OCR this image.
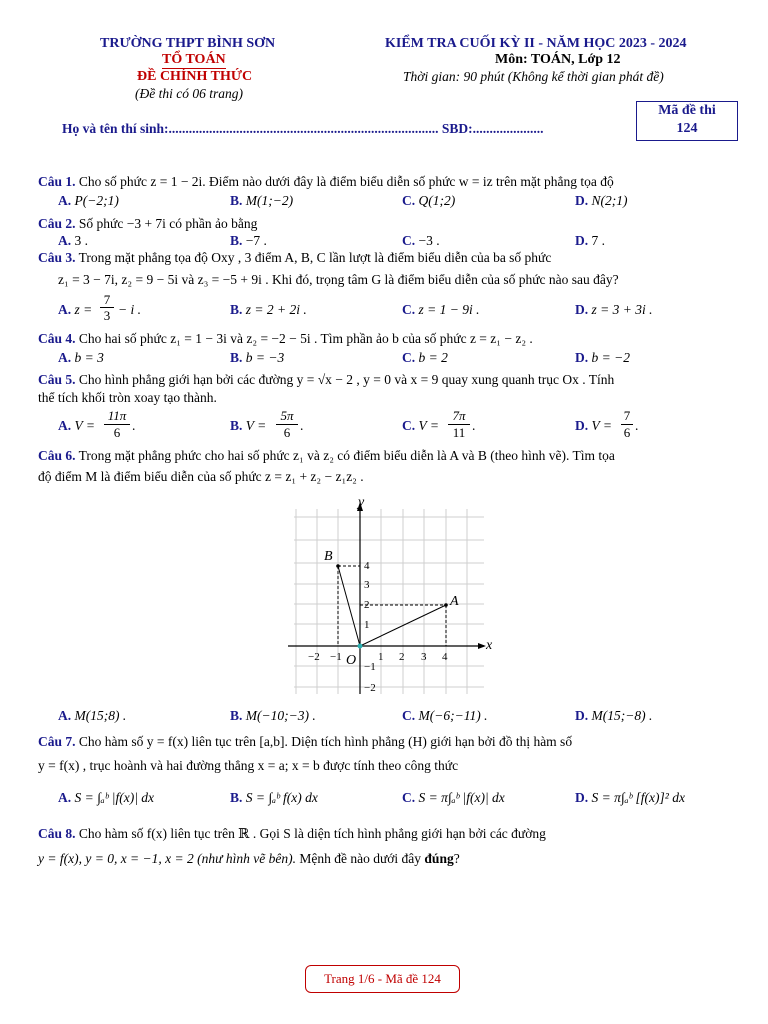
TRƯỜNG THPT BÌNH SƠN
TỔ TOÁN
ĐỀ CHÍNH THỨC
(Đề thi có 06 trang)
KIỂM TRA CUỐI KỲ II - NĂM HỌC 2023 - 2024
Môn: TOÁN, Lớp 12
Thời gian: 90 phút (Không kể thời gian phát đề)
Mã đề thi
124
Họ và tên thí sinh:................................................................................ SBD:.....................
Câu 1. Cho số phức z = 1 − 2i. Điểm nào dưới đây là điểm biểu diễn số phức w = iz trên mặt phẳng tọa độ
A. P(−2;1)	B. M(1;−2)	C. Q(1;2)	D. N(2;1)
Câu 2. Số phức −3 + 7i có phần ảo bằng
A. 3 .	B. −7 .	C. −3 .	D. 7 .
Câu 3. Trong mặt phẳng tọa độ Oxy , 3 điểm A, B, C lần lượt là điểm biểu diễn của ba số phức
z₁ = 3 − 7i, z₂ = 9 − 5i và z₃ = −5 + 9i . Khi đó, trọng tâm G là điểm biểu diễn của số phức nào sau đây?
A. $z = \frac{7}{3} - i$ .	B. z = 2 + 2i .	C. z = 1 − 9i .	D. z = 3 + 3i .
Câu 4. Cho hai số phức z₁ = 1 − 3i và z₂ = −2 − 5i . Tìm phần ảo b của số phức z = z₁ − z₂ .
A. b = 3	B. b = −3	C. b = 2	D. b = −2
Câu 5. Cho hình phẳng giới hạn bởi các đường y = √x − 2 , y = 0 và x = 9 quay xung quanh trục Ox . Tính
thể tích khối tròn xoay tạo thành.
A. $V = \frac{11\pi}{6}$ .	B. $V = \frac{5\pi}{6}$ .	C. $V = \frac{7\pi}{11}$ .	D. $V = \frac{7}{6}$ .
Câu 6. Trong mặt phẳng phức cho hai số phức z₁ và z₂ có điểm biểu diễn là A và B (theo hình vẽ). Tìm tọa
độ điểm M là điểm biểu diễn của số phức z = z₁ + z₂ − z₁z₂ .
x
y
O
A
B
−2 −1	1 2 3 4
4
3
2
1
−1
−2
A. M(15;8) .	B. M(−10;−3) .	C. M(−6;−11) .	D. M(15;−8) .
Câu 7. Cho hàm số y = f(x) liên tục trên [a,b]. Diện tích hình phẳng (H) giới hạn bởi đồ thị hàm số
y = f(x) , trục hoành và hai đường thẳng x = a; x = b được tính theo công thức
A. S = ∫ₐᵇ |f(x)| dx	B. S = ∫ₐᵇ f(x) dx	C. S = π∫ₐᵇ |f(x)| dx	D. S = π∫ₐᵇ [f(x)]² dx
Câu 8. Cho hàm số f(x) liên tục trên ℝ . Gọi S là diện tích hình phẳng giới hạn bởi các đường
y = f(x), y = 0, x = −1, x = 2 (như hình vẽ bên). Mệnh đề nào dưới đây đúng?
Trang 1/6 - Mã đề 124
